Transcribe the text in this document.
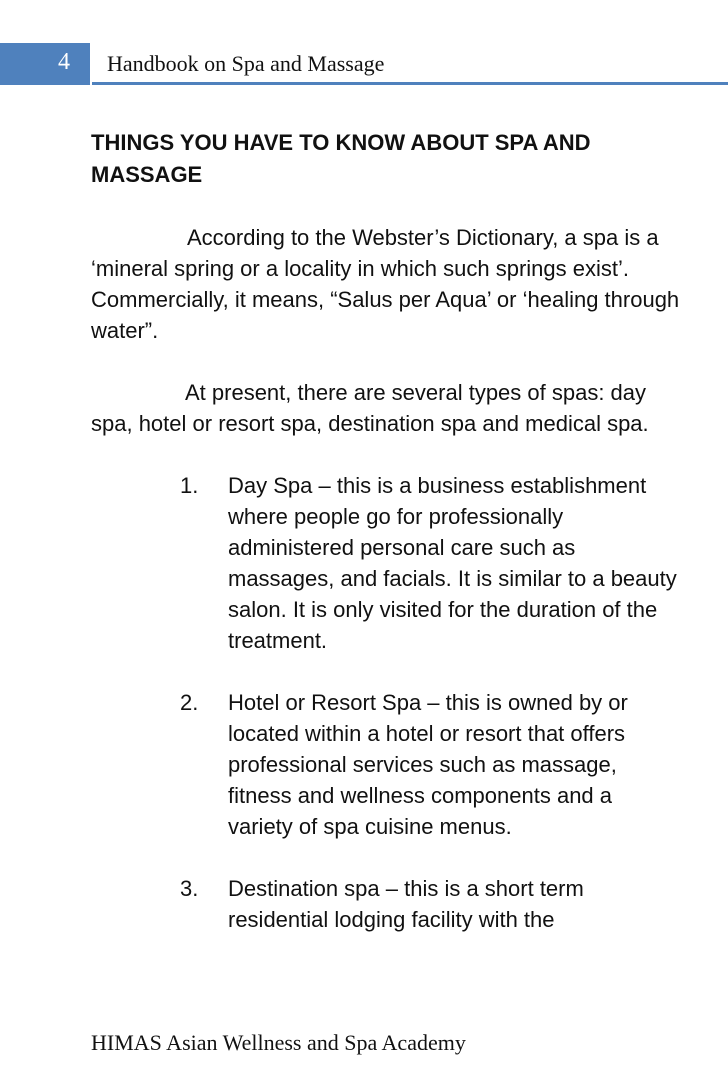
4 Handbook on Spa and Massage
THINGS YOU HAVE TO KNOW ABOUT SPA AND MASSAGE

According to the Webster’s Dictionary, a spa is a ‘mineral spring or a locality in which such springs exist’. Commercially, it means, “Salus per Aqua’ or ‘healing through water”.

At present, there are several types of spas: day spa, hotel or resort spa, destination spa and medical spa.

1. Day Spa – this is a business establishment where people go for professionally administered personal care such as massages, and facials. It is similar to a beauty salon. It is only visited for the duration of the treatment.
2. Hotel or Resort Spa – this is owned by or located within a hotel or resort that offers professional services such as massage, fitness and wellness components and a variety of spa cuisine menus.
3. Destination spa – this is a short term residential lodging facility with the
HIMAS Asian Wellness and Spa Academy
